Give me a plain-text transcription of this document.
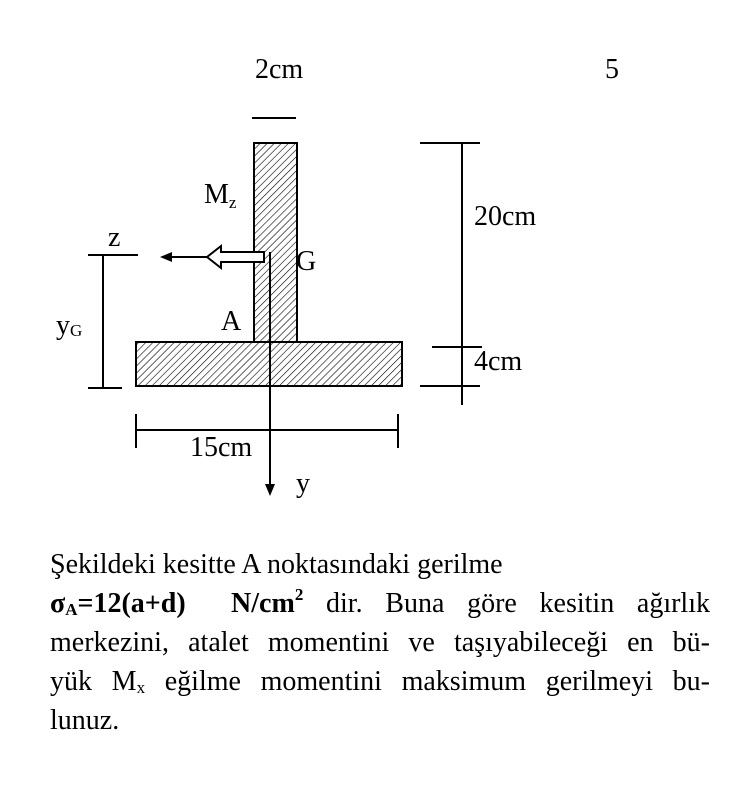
5
2cm
20cm
4cm
15cm
y
z
Mz
G
A
yG
Şekildeki kesitte A noktasındaki gerilme
$\sigma_A=12(a+d)$  $N/cm^2$ dir. Buna göre kesitin ağırlık
merkezini, atalet momentini ve taşıyabileceği en bü-
yük $M_x$ eğilme momentini maksimum gerilmeyi bu-
lunuz.
